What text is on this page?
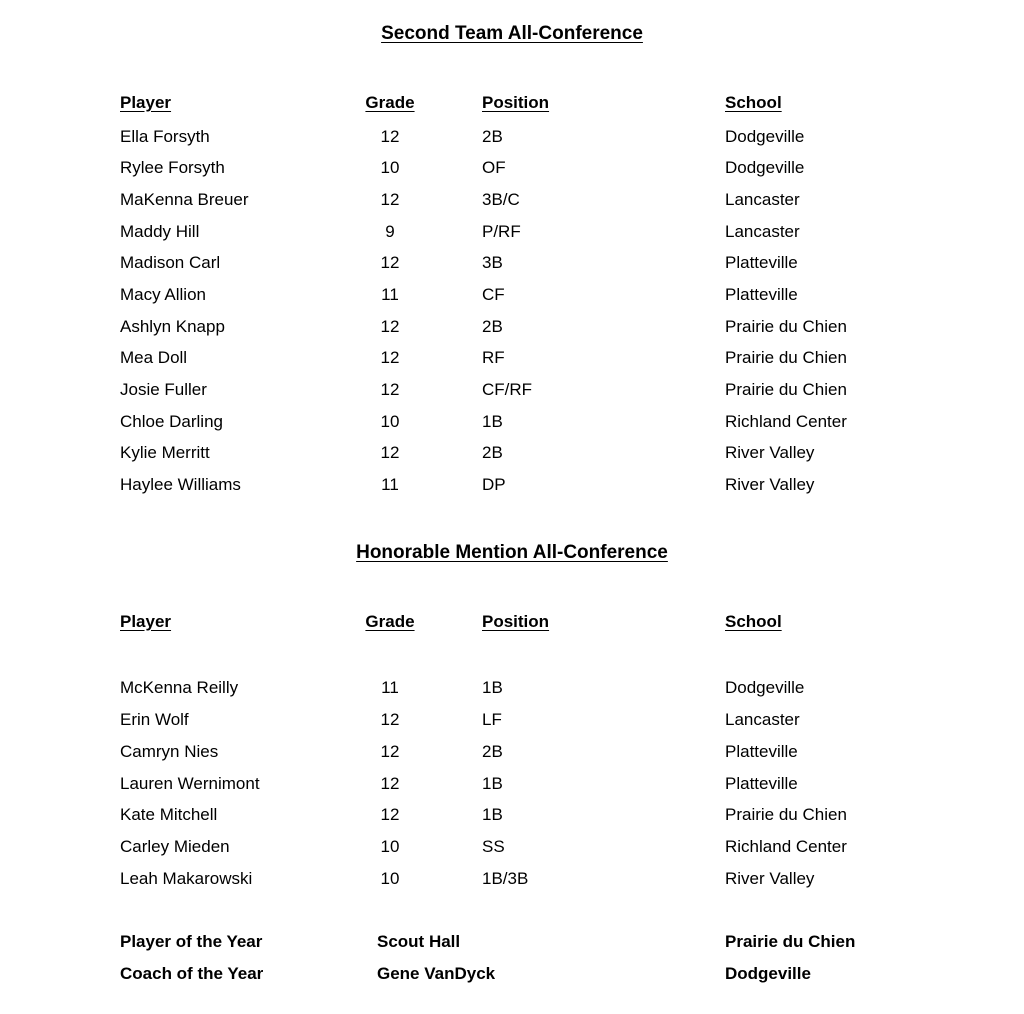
Second Team All-Conference
Player	Grade	Position	School
Ella Forsyth	12	2B	Dodgeville
Rylee Forsyth	10	OF	Dodgeville
MaKenna Breuer	12	3B/C	Lancaster
Maddy Hill	9	P/RF	Lancaster
Madison Carl	12	3B	Platteville
Macy Allion	11	CF	Platteville
Ashlyn Knapp	12	2B	Prairie du Chien
Mea Doll	12	RF	Prairie du Chien
Josie Fuller	12	CF/RF	Prairie du Chien
Chloe Darling	10	1B	Richland Center
Kylie Merritt	12	2B	River Valley
Haylee Williams	11	DP	River Valley
Honorable Mention All-Conference
Player	Grade	Position	School
McKenna Reilly	11	1B	Dodgeville
Erin Wolf	12	LF	Lancaster
Camryn Nies	12	2B	Platteville
Lauren Wernimont	12	1B	Platteville
Kate Mitchell	12	1B	Prairie du Chien
Carley Mieden	10	SS	Richland Center
Leah Makarowski	10	1B/3B	River Valley
Player of the Year	Scout Hall	Prairie du Chien
Coach of the Year	Gene VanDyck	Dodgeville
